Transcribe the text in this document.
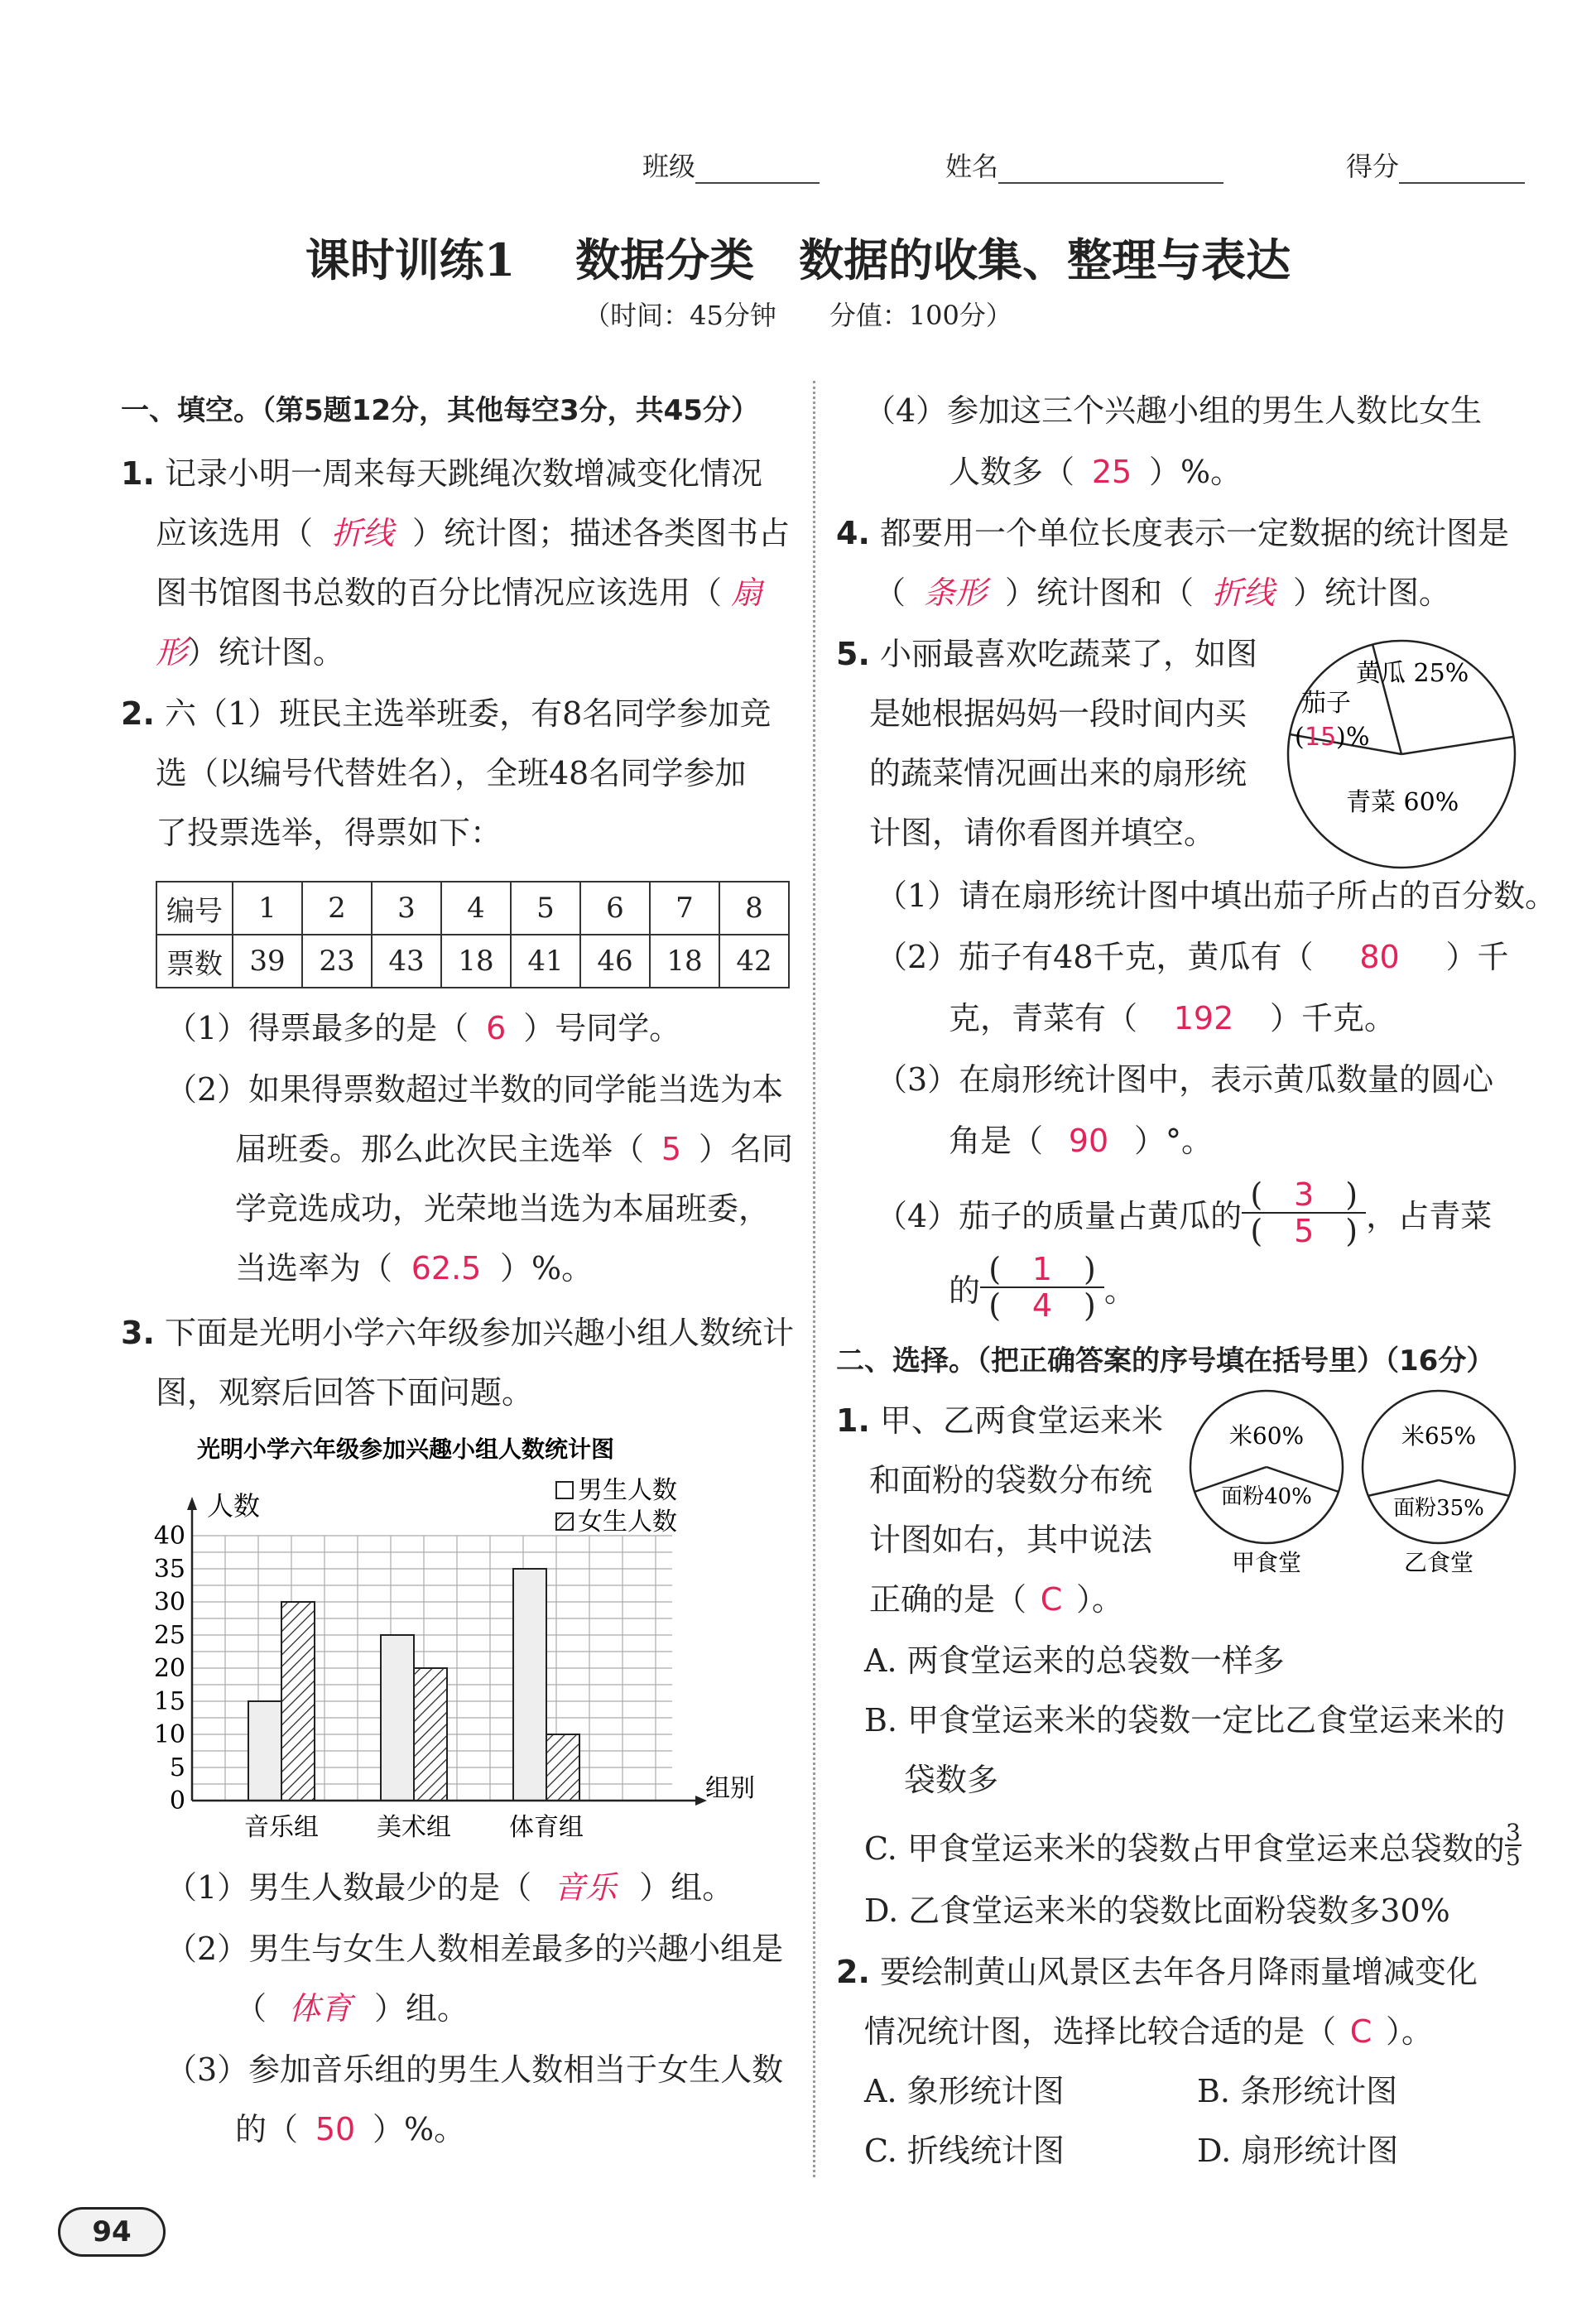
班级	姓名	得分
课时训练1　 数据分类　数据的收集、整理与表达
（时间：45分钟　　分值：100分）
一、填空。（第5题12分，其他每空3分，共45分）
1. 记录小明一周来每天跳绳次数增减变化情况
应该选用（ 折线 ）统计图；描述各类图书占
图书馆图书总数的百分比情况应该选用（ 扇
形）统计图。
2. 六（1）班民主选举班委，有8名同学参加竞
选（以编号代替姓名），全班48名同学参加
了投票选举，得票如下：
编号	1	2	3	4	5	6	7	8
票数	39	23	43	18	41	46	18	42
（1）得票最多的是（ 6 ）号同学。
（2）如果得票数超过半数的同学能当选为本
届班委。那么此次民主选举（ 5 ）名同
学竞选成功，光荣地当选为本届班委，
当选率为（ 62.5 ）%。
3. 下面是光明小学六年级参加兴趣小组人数统计
图，观察后回答下面问题。
光明小学六年级参加兴趣小组人数统计图
0
5
10
15
20
25
30
35
40
音乐组 美术组 体育组
人数
组别
男生人数
女生人数
（1）男生人数最少的是（ 音乐 ）组。
（2）男生与女生人数相差最多的兴趣小组是
（ 体育 ）组。
（3）参加音乐组的男生人数相当于女生人数
的（ 50 ）%。
（4）参加这三个兴趣小组的男生人数比女生
人数多（ 25 ）%。
4. 都要用一个单位长度表示一定数据的统计图是
（ 条形 ）统计图和（ 折线 ）统计图。
5. 小丽最喜欢吃蔬菜了，如图
是她根据妈妈一段时间内买
的蔬菜情况画出来的扇形统
计图，请你看图并填空。
黄瓜 25%
茄子
( 15 ) %
青菜 60%
（1）请在扇形统计图中填出茄子所占的百分数。
（2）茄子有48千克，黄瓜有（ 80 ）千
克，青菜有（ 192 ）千克。
（3）在扇形统计图中，表示黄瓜数量的圆心
角是（ 90 ）°。
（4）茄子的质量占黄瓜的 $\frac{( 3 )}{( 5 )}$ ，占青菜
的 $\frac{( 1 )}{( 4 )}$ 。
二、选择。（把正确答案的序号填在括号里）（16分）
1. 甲、乙两食堂运来米
和面粉的袋数分布统
计图如右，其中说法
正确的是（ C ）。
米60%
面粉40%
甲食堂
米65%
面粉35%
乙食堂
A. 两食堂运来的总袋数一样多
B. 甲食堂运来米的袋数一定比乙食堂运来米的
袋数多
C. 甲食堂运来米的袋数占甲食堂运来总袋数的 3
5
D. 乙食堂运来米的袋数比面粉袋数多30%
2. 要绘制黄山风景区去年各月降雨量增减变化
情况统计图，选择比较合适的是（ C ）。
A. 象形统计图	B. 条形统计图
C. 折线统计图	D. 扇形统计图
94
